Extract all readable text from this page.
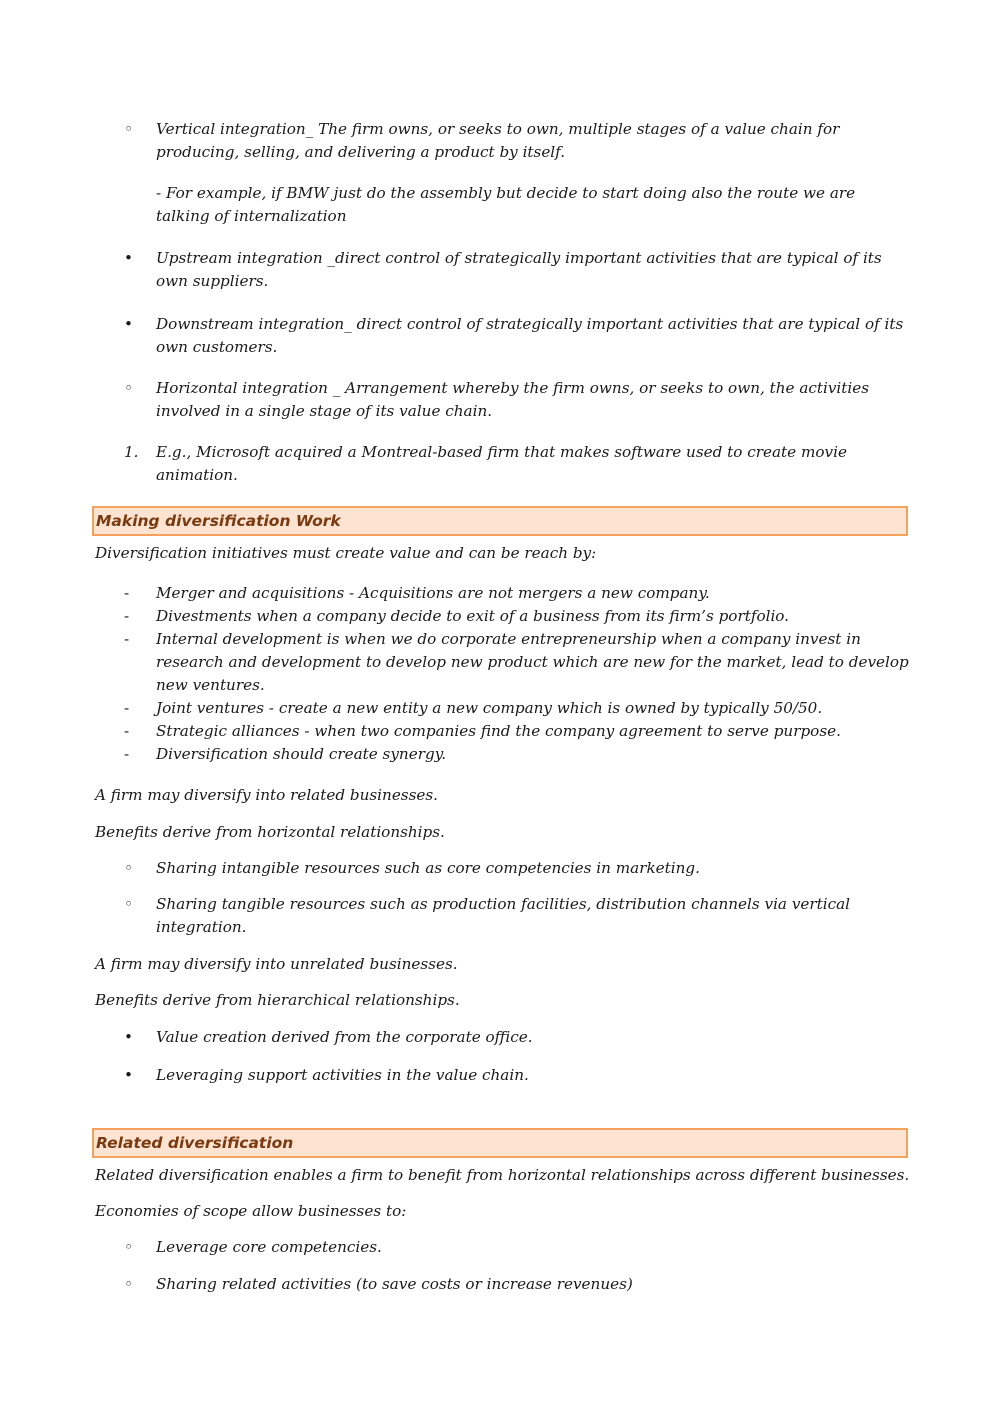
◦	Vertical integration_ The firm owns, or seeks to own, multiple stages of a value chain for producing, selling, and delivering a product by itself.

- For example, if BMW just do the assembly but decide to start doing also the route we are talking of internalization

•	Upstream integration _direct control of strategically important activities that are typical of its own suppliers.

•	Downstream integration_ direct control of strategically important activities that are typical of its own customers.

◦	Horizontal integration _ Arrangement whereby the firm owns, or seeks to own, the activities involved in a single stage of its value chain.

1.	E.g., Microsoft acquired a Montreal-based firm that makes software used to create movie animation.

Making diversification Work

Diversification initiatives must create value and can be reach by:

- Merger and acquisitions - Acquisitions are not mergers a new company.
- Divestments when a company decide to exit of a business from its firm’s portfolio.
- Internal development is when we do corporate entrepreneurship when a company invest in research and development to develop new product which are new for the market, lead to develop new ventures.
- Joint ventures - create a new entity a new company which is owned by typically 50/50.
- Strategic alliances - when two companies find the company agreement to serve purpose.
- Diversification should create synergy.

A firm may diversify into related businesses.

Benefits derive from horizontal relationships.

◦	Sharing intangible resources such as core competencies in marketing.

◦	Sharing tangible resources such as production facilities, distribution channels via vertical integration.

A firm may diversify into unrelated businesses.

Benefits derive from hierarchical relationships.

•	Value creation derived from the corporate office.

•	Leveraging support activities in the value chain.

Related diversification

Related diversification enables a firm to benefit from horizontal relationships across different businesses.

Economies of scope allow businesses to:

◦	Leverage core competencies.

◦	Sharing related activities (to save costs or increase revenues)
